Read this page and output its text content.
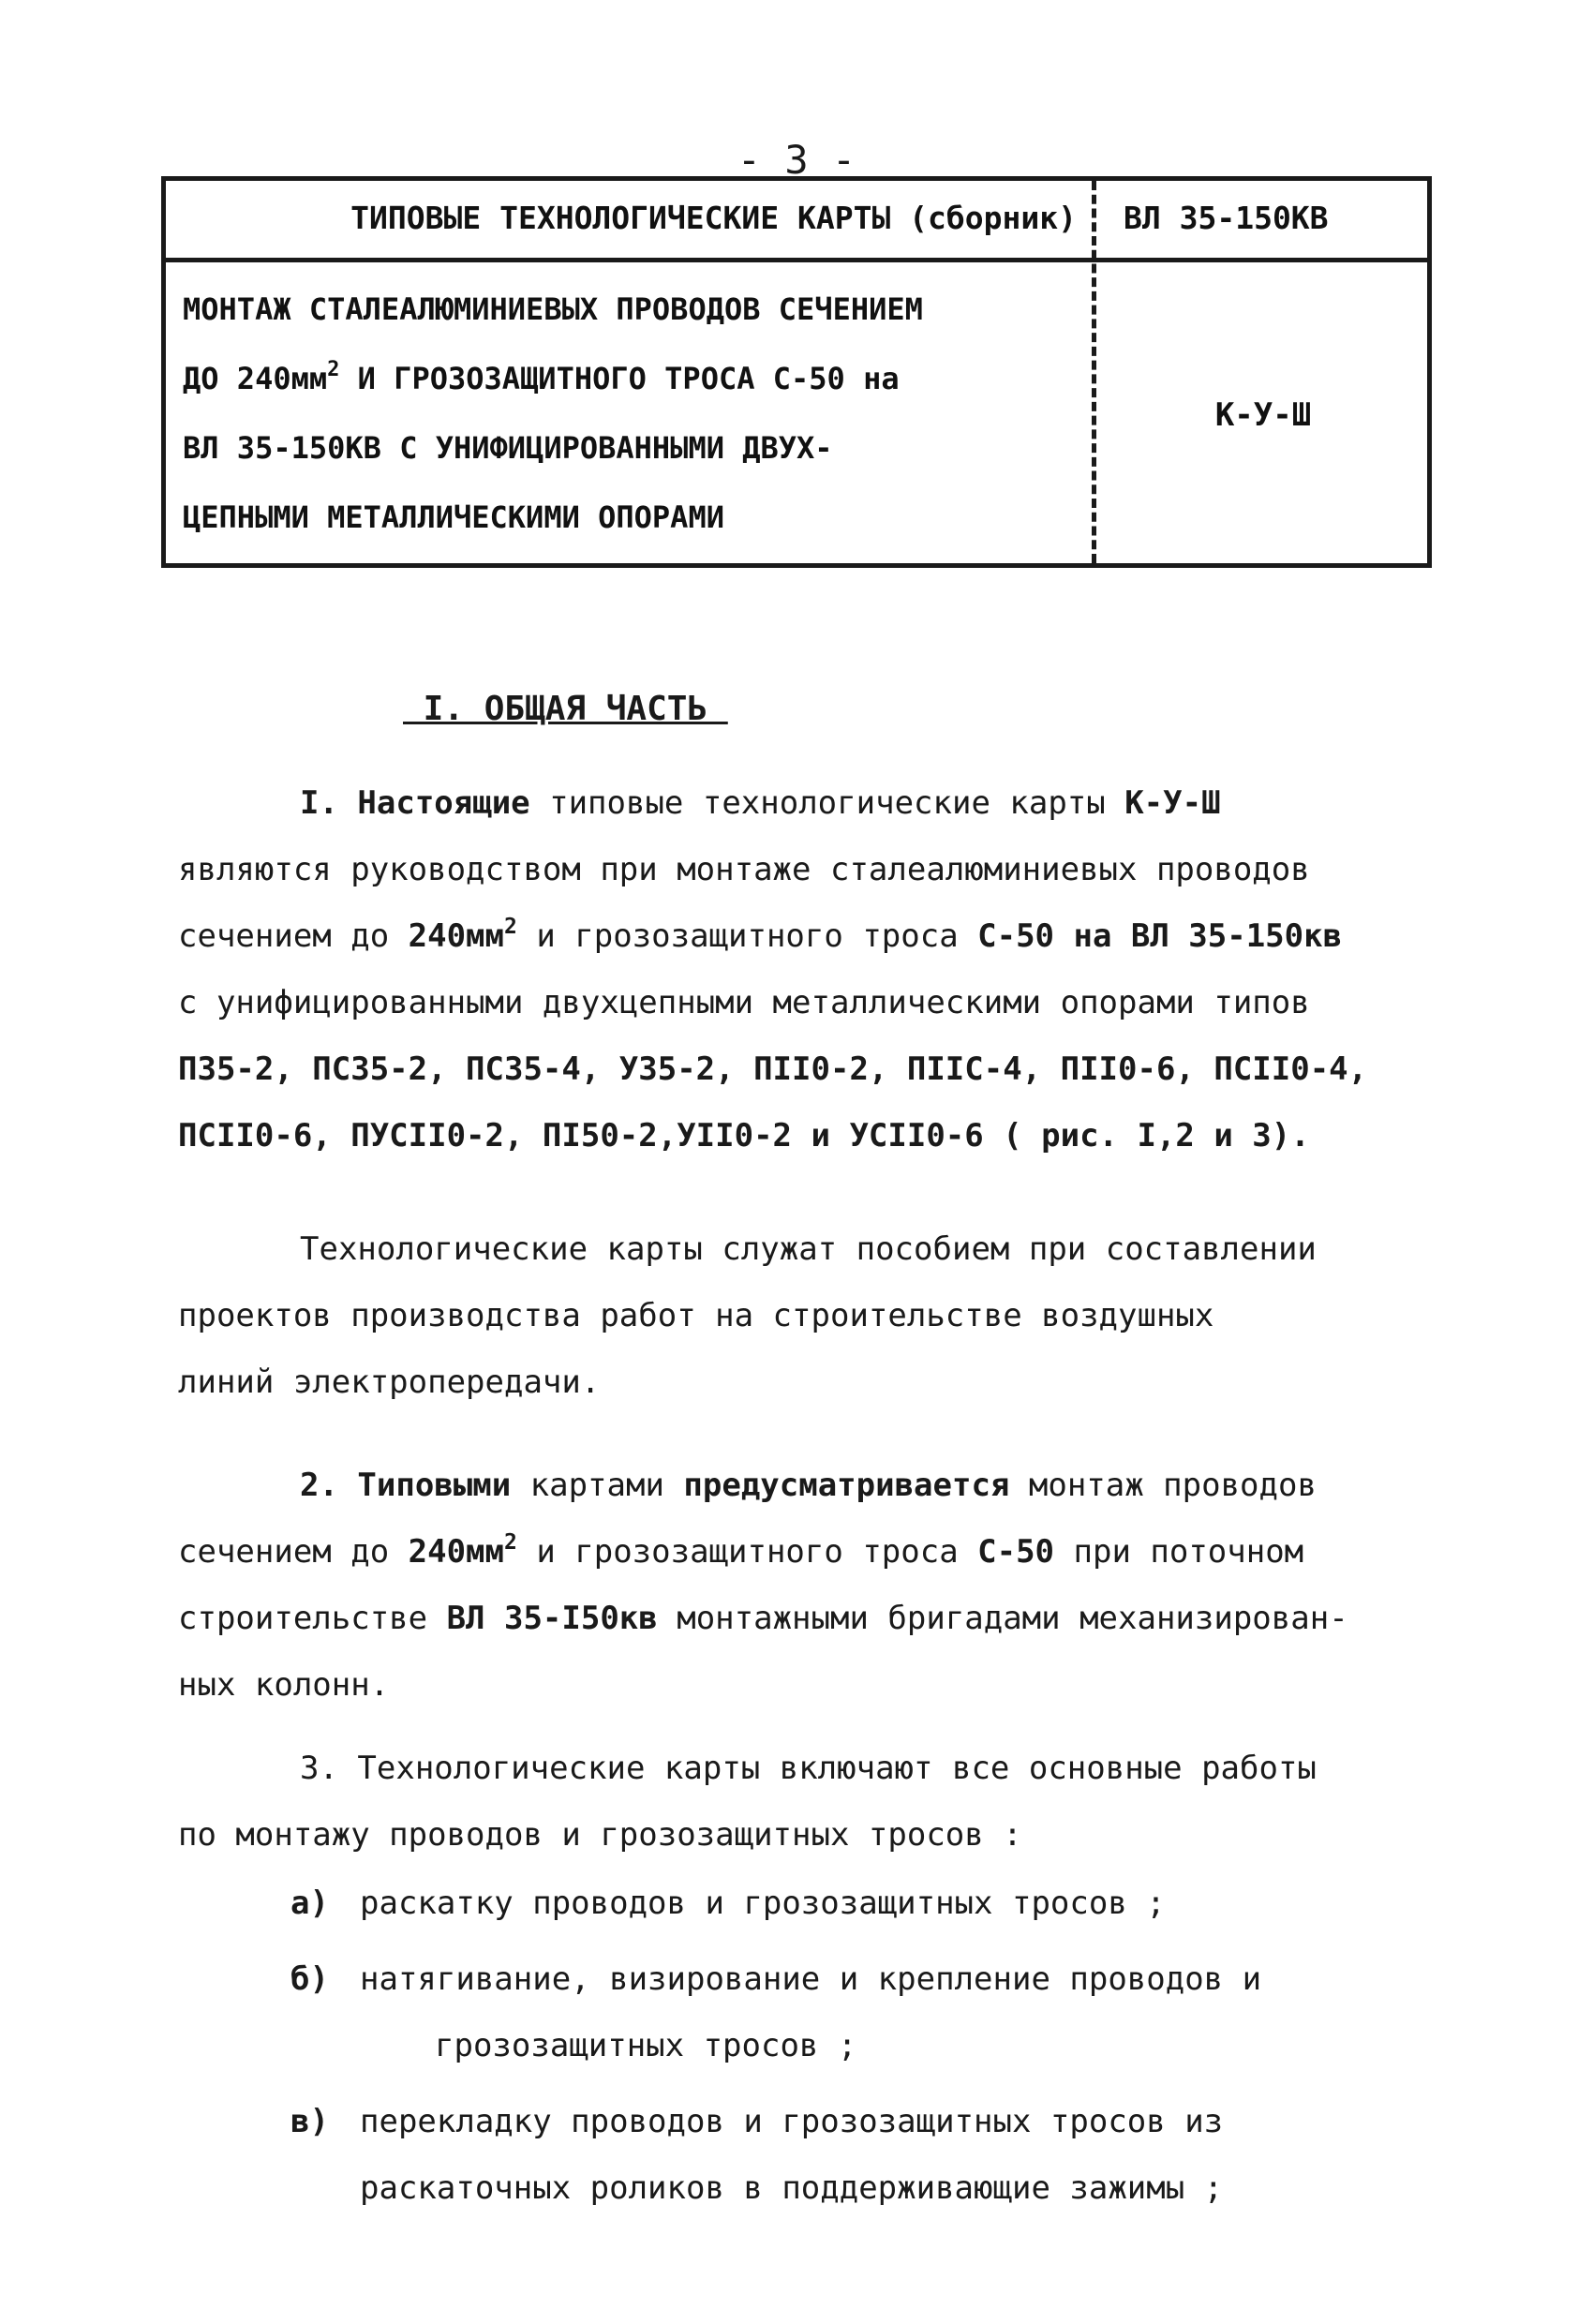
- 3 -
ТИПОВЫЕ ТЕХНОЛОГИЧЕСКИЕ КАРТЫ (сборник)	ВЛ 35-150КВ
МОНТАЖ СТАЛЕАЛЮМИНИЕВЫХ ПРОВОДОВ СЕЧЕНИЕМ
ДО $240мм^2$ И ГРОЗОЗАЩИТНОГО ТРОСА С-50 на
ВЛ 35-150КВ С УНИФИЦИРОВАННЫМИ ДВУХ-
ЦЕПНЫМИ МЕТАЛЛИЧЕСКИМИ ОПОРАМИ
К-У-Ш
I. ОБЩАЯ ЧАСТЬ
I. Настоящие типовые технологические карты К-У-Ш
являются руководством при монтаже сталеалюминиевых проводов
сечением до $240мм^2$ и грозозащитного троса С-50 на ВЛ 35-150кв
с унифицированными двухцепными металлическими опорами типов
П35-2, ПС35-2, ПС35-4, У35-2, ПII0-2, ПIIС-4, ПII0-6, ПСII0-4,
ПСII0-6, ПУСII0-2, ПI50-2,УII0-2 и УСII0-6 ( рис. I,2 и 3).
Технологические карты служат пособием при составлении
проектов производства работ на строительстве воздушных
линий электропередачи.
2. Типовыми картами предусматривается монтаж проводов
сечением до $240мм^2$ и грозозащитного троса С-50 при поточном
строительстве ВЛ 35-I50кв монтажными бригадами механизирован-
ных колонн.
3. Технологические карты включают все основные работы
по монтажу проводов и грозозащитных тросов :
а) раскатку проводов и грозозащитных тросов ;
б) натягивание, визирование и крепление проводов и
грозозащитных тросов ;
в) перекладку проводов и грозозащитных тросов из
раскаточных роликов в поддерживающие зажимы ;
